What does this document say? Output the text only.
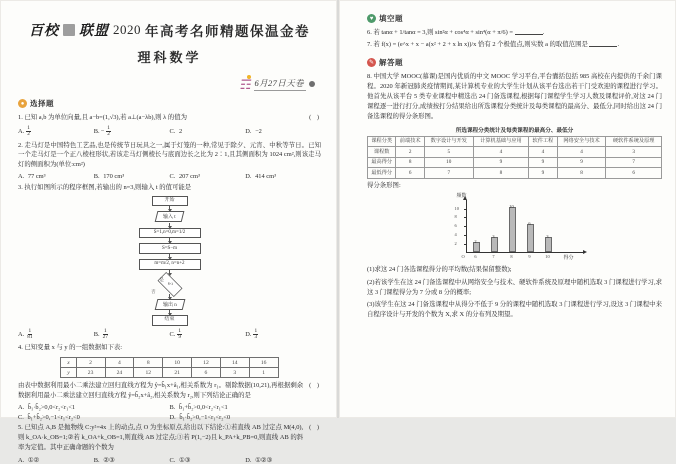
百校 联盟 2020 年高考名师精题保温金卷
理科数学
☶ 6月27日天卷
● 选择题
1. 已知 a,b 为单位向量,且 a−b=(1,√3),若 a⊥(a−λb),则 λ 的值为	( )
A. $\frac{1}{2}$	B. − $\frac{1}{2}$	C.
2	D.
−2
2. 走马灯是中国特色工艺品,也是传统节日玩具之一,属于灯笼的一种,常见于除夕、元宵、中秋等节日。已知一个走马灯是一个正八棱柱形状,若该走马灯侧棱长与底面边长之比为 2∶1,且其侧面积为 1024 cm²,则该走马灯的侧面积为(单位:cm²)
A.
77 cm³	B.
170 cm³	C.
207 cm³	D.
414 cm³
3. 执行如图所示的程序框图,若输出的 n=3,则输入 t 的值可能是
开始
输入 t
S=1,n=0,m=1/2
S=S−m
m=m/2, n=n+2
S<t
是
否
输出 n
结束
A. $\frac{1}{81}$	B. $\frac{1}{27}$	C. $\frac{1}{9}$	D. $\frac{1}{3}$
4. 已知变量 x 与 y 的一组数据如下表:
x	2	4	8	10	12	14	16
y	23	24	12	21	6	3	1
由表中数据利用最小二乘法建立回归直线方程为 ŷ=b̂₁x+â₁,相关系数为 r₁。剔除数据(10,21),再根据剩余数据利用最小二乘法建立回归直线方程 ŷ=b̂₂x+â₂,相关系数为 r₂,则下列结论正确的是
( )
A.
b̂₁·b̂₂>0,0<r₂<r₁<1	B.
b̂₁+b̂₂>0,0<r₂<r₁<1
C.
b̂₁+b̂₂>0,−1<r₁<r₂<0	D.
b̂₁·b̂₂>0,−1<r₁<r₂<0
5. 已知点 A,B 是抛物线 C:y²=4x 上的动点,点 O 为坐标原点,给出以下结论:①若直线 AB 过定点 M(4,0),则 k_OA·k_OB=1;②若 k_OA+k_OB=1,则直线 AB 过定点;③若 P(1,−2)且 k_PA+k_PB=0,则直线 AB 的斜率为定值。其中正确命题的个数为
( )
A.
①②	B.
②③	C.
①③	D.
①②③
♥ 填空题
6. 若 tanα + 1/tanα = 3,则 sin²α + cos⁴α + sin⁴(α + π/6) =	.
7. 若 f(x) = (e^x + x − a(x² + 2 + x ln x))/x 恰有 2 个极值点,则实数 a 的取值范围是	.
✎ 解答题
8. 中国大学 MOOC(慕课)是国内优质的中文 MOOC 学习平台,平台囊括包括 985 高校在内提供的千余门课程。2020 年新冠肺炎疫情期间,某计算机专业的大学生计划从该平台选出若干门受欢迎的课程进行学习。他首先从该平台 5 类专业课程中精选出 24 门备选课程,根据每门课程学生学习人数及课程评价,对这 24 门课程逐一进行打分,成绩按打分结果给出所选课程分类统计及每类课程的最高分、最低分,同时给出这 24 门备选课程的得分条形图。
所选课程分类统计及每类课程的最高分、最低分
课程分类	前端技术	数字设计与开发	计算机基础与应用	软件工程	网络安全与技术	硬软件系统及原理
课程数	2	5	4	4	4	3
最高得分	8	10	9	9	9	7
最低得分	6	7	8	9	8	6
得分条形图:
频数
得分
O
2
4
6
8
10
2
6
3
7
10
8
6
9
3
10
(1)求这 24 门各选课程得分的平均数(结果保留整数);
(2)若该学生在这 24 门备选课程中从网络安全与技术、硬软件系统及原理中随机选取 3 门课程进行学习,求这 3 门课程得分为 7 分或 8 分的概率;
(3)该学生在这 24 门备选课程中从得分不低于 9 分的课程中随机选取 3 门课程进行学习,设这 3 门课程中来自程序设计与开发的个数为 X,求 X 的分布列及期望。
